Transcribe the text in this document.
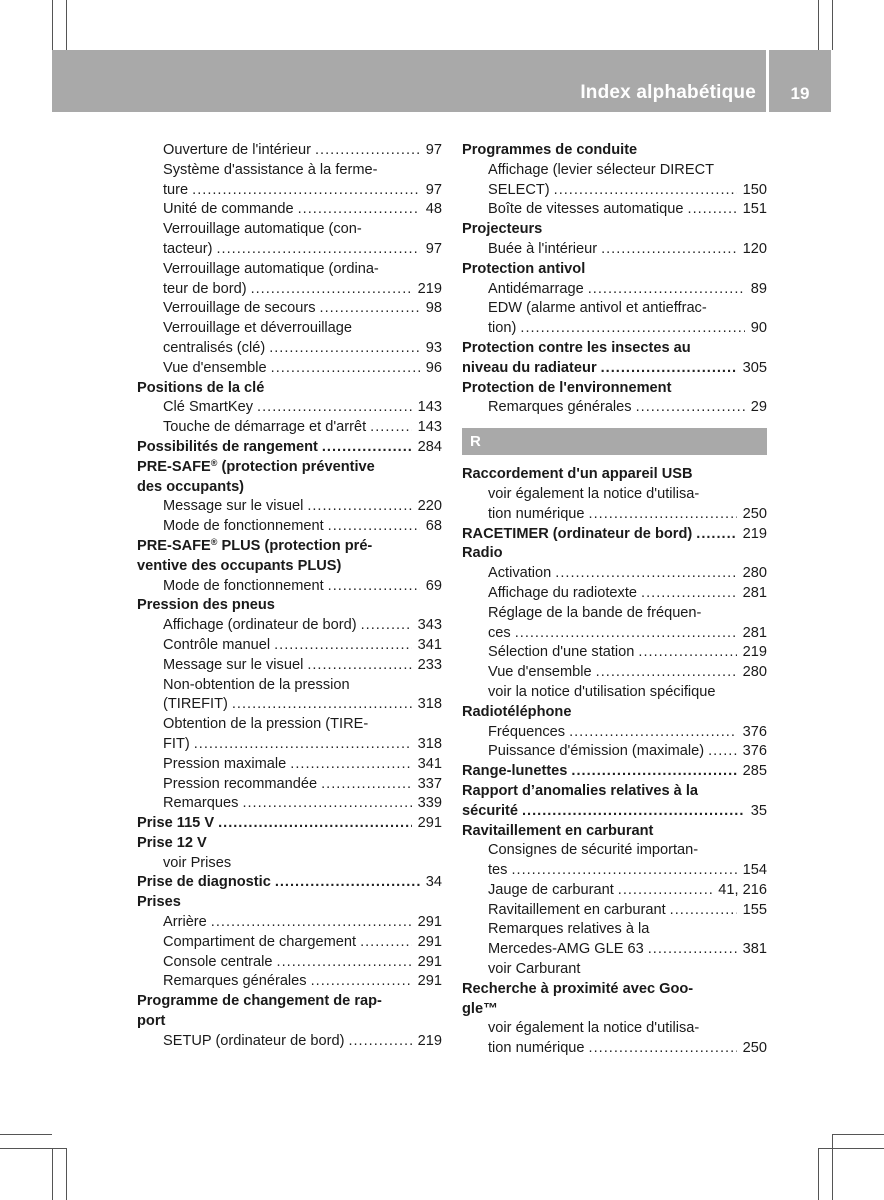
Index alphabétique	19
Ouverture de l'intérieur .....	97
Système d'assistance à la ferme-
ture .....	97
Unité de commande .....	48
Verrouillage automatique (con-
tacteur) .....	97
Verrouillage automatique (ordina-
teur de bord) .....	219
Verrouillage de secours .....	98
Verrouillage et déverrouillage
centralisés (clé) .....	93
Vue d'ensemble .....	96
Positions de la clé
Clé SmartKey .....	143
Touche de démarrage et d'arrêt .....	143
Possibilités de rangement .....	284
PRE-SAFE® (protection préventive
des occupants)
Message sur le visuel .....	220
Mode de fonctionnement .....	68
PRE-SAFE® PLUS (protection pré-
ventive des occupants PLUS)
Mode de fonctionnement .....	69
Pression des pneus
Affichage (ordinateur de bord) .....	343
Contrôle manuel .....	341
Message sur le visuel .....	233
Non-obtention de la pression
(TIREFIT) .....	318
Obtention de la pression (TIRE-
FIT) .....	318
Pression maximale .....	341
Pression recommandée .....	337
Remarques .....	339
Prise 115 V .....	291
Prise 12 V
voir Prises
Prise de diagnostic .....	34
Prises
Arrière .....	291
Compartiment de chargement .....	291
Console centrale .....	291
Remarques générales .....	291
Programme de changement de rap-
port
SETUP (ordinateur de bord) .....	219
Programmes de conduite
Affichage (levier sélecteur DIRECT
SELECT) .....	150
Boîte de vitesses automatique .....	151
Projecteurs
Buée à l'intérieur .....	120
Protection antivol
Antidémarrage .....	89
EDW (alarme antivol et antieffrac-
tion) .....	90
Protection contre les insectes au
niveau du radiateur .....	305
Protection de l'environnement
Remarques générales .....	29
R
Raccordement d'un appareil USB
voir également la notice d'utilisa-
tion numérique .....	250
RACETIMER (ordinateur de bord) .....	219
Radio
Activation .....	280
Affichage du radiotexte .....	281
Réglage de la bande de fréquen-
ces .....	281
Sélection d'une station .....	219
Vue d'ensemble .....	280
voir la notice d'utilisation spécifique
Radiotéléphone
Fréquences .....	376
Puissance d'émission (maximale) .....	376
Range-lunettes .....	285
Rapport d’anomalies relatives à la
sécurité .....	35
Ravitaillement en carburant
Consignes de sécurité importan-
tes .....	154
Jauge de carburant .....	41, 216
Ravitaillement en carburant .....	155
Remarques relatives à la
Mercedes-AMG GLE 63 .....	381
voir Carburant
Recherche à proximité avec Goo-
gle™
voir également la notice d'utilisa-
tion numérique .....	250
